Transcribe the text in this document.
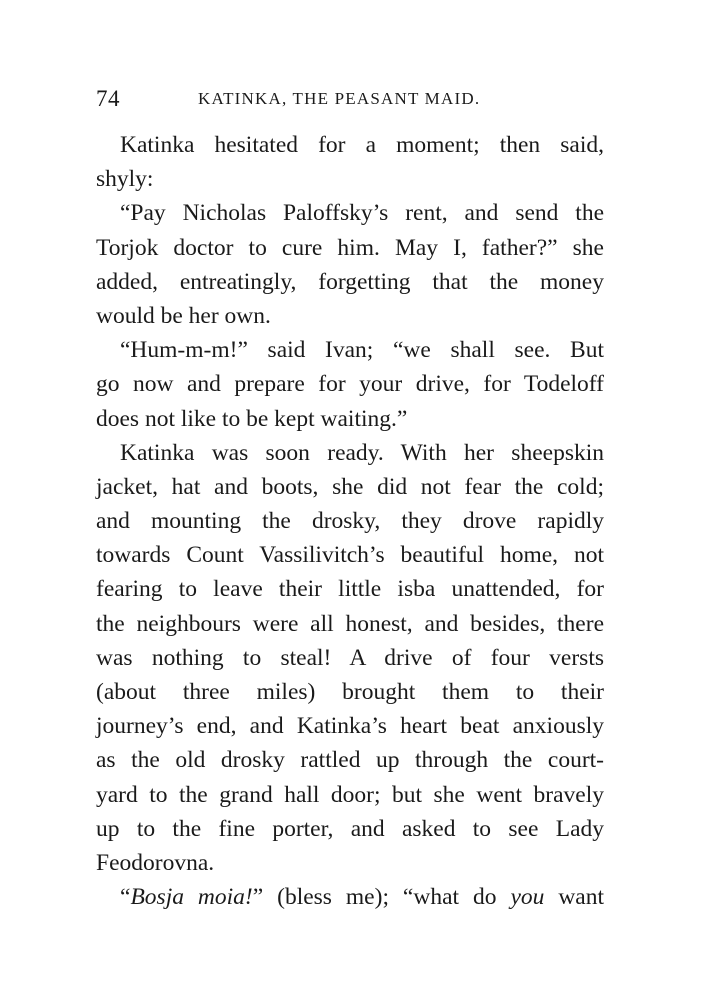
74	KATINKA, THE PEASANT MAID.
Katinka hesitated for a moment; then said,
shyly:
“Pay Nicholas Paloffsky’s rent, and send the
Torjok doctor to cure him. May I, father?” she
added, entreatingly, forgetting that the money
would be her own.
“Hum-m-m!” said Ivan; “we shall see. But
go now and prepare for your drive, for Todeloff
does not like to be kept waiting.”
Katinka was soon ready. With her sheepskin
jacket, hat and boots, she did not fear the cold;
and mounting the drosky, they drove rapidly
towards Count Vassilivitch’s beautiful home, not
fearing to leave their little isba unattended, for
the neighbours were all honest, and besides, there
was nothing to steal! A drive of four versts
(about three miles) brought them to their
journey’s end, and Katinka’s heart beat anxiously
as the old drosky rattled up through the court-
yard to the grand hall door; but she went bravely
up to the fine porter, and asked to see Lady
Feodorovna.
“Bosja moia!” (bless me); “what do you want
